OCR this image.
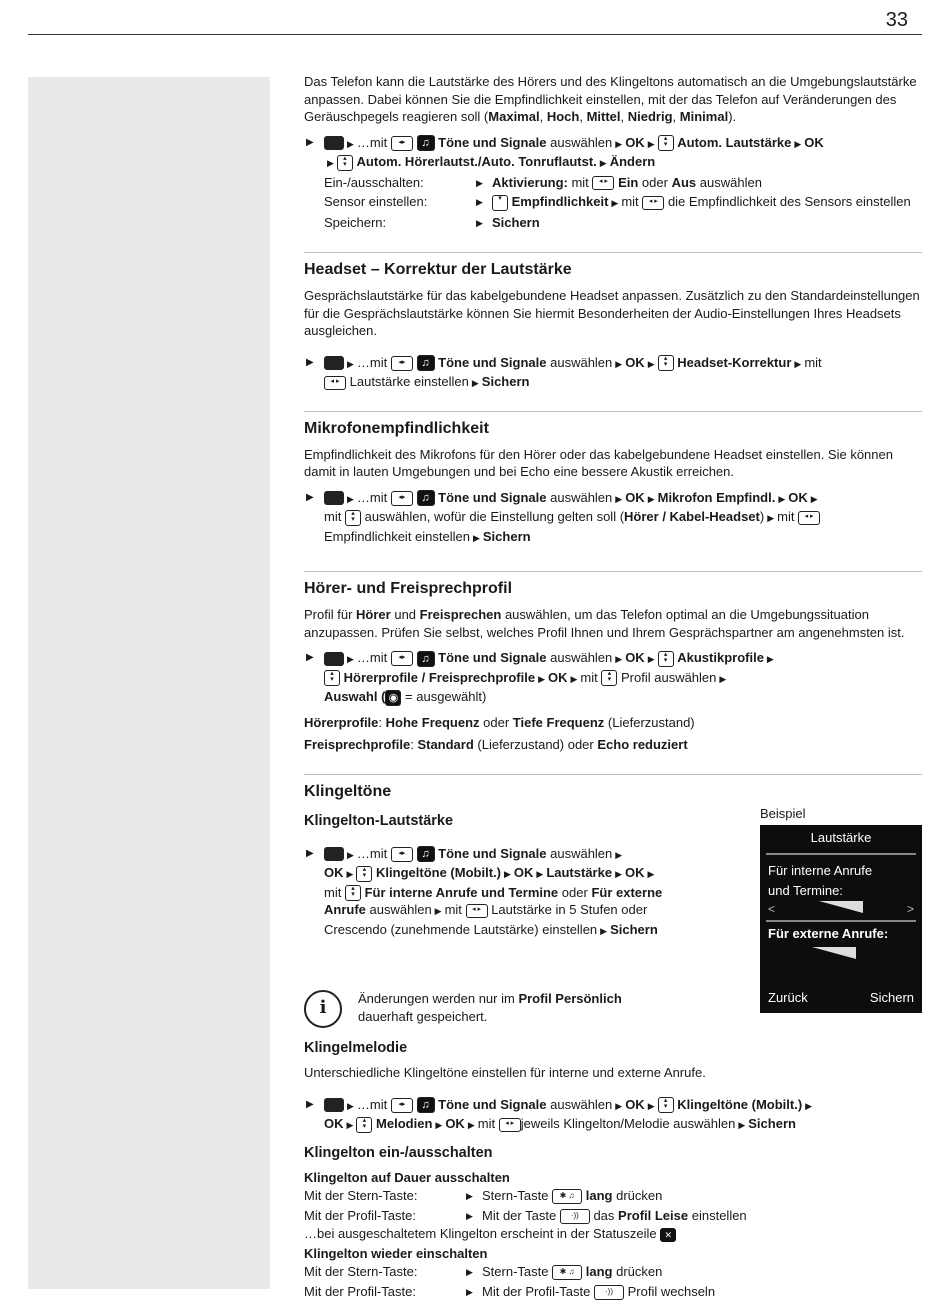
33

Das Telefon kann die Lautstärke des Hörers und des Klingeltons automatisch an die Umgebungslautstärke anpassen. Dabei können Sie die Empfindlichkeit einstellen, mit der das Telefon auf Veränderungen des Geräuschpegels reagieren soll (Maximal, Hoch, Mittel, Niedrig, Minimal).

▶	▶ …mit ◂▸ ♫ Töne und Signale auswählen ▶ OK ▶ ▴
▾ Autom. Lautstärke ▶ OK
▶ ▴
▾ Autom. Hörerlautst./Auto. Tonruflautst. ▶ Ändern
Ein-/ausschalten:	▶ Aktivierung: mit ◂ ▸ Ein oder Aus auswählen
Sensor einstellen:	▶	▾ Empfindlichkeit ▶ mit ◂ ▸ die Empfindlichkeit des Sensors einstellen
Speichern:	▶ Sichern
Headset – Korrektur der Lautstärke

Gesprächslautstärke für das kabelgebundene Headset anpassen. Zusätzlich zu den Standardeinstellungen für die Gesprächslautstärke können Sie hiermit Besonderheiten der Audio-Einstellungen Ihres Headsets ausgleichen.

▶	▶ …mit ◂▸ ♫ Töne und Signale auswählen ▶ OK ▶ ▴
▾ Headset-Korrektur ▶ mit
◂ ▸ Lautstärke einstellen ▶ Sichern
Mikrofonempfindlichkeit

Empfindlichkeit des Mikrofons für den Hörer oder das kabelgebundene Headset einstellen. Sie können damit in lauten Umgebungen und bei Echo eine bessere Akustik erreichen.

▶	▶ …mit ◂▸ ♫ Töne und Signale auswählen ▶ OK ▶ Mikrofon Empfindl. ▶ OK ▶
mit ▴
▾ auswählen, wofür die Einstellung gelten soll (Hörer / Kabel-Headset) ▶ mit ◂ ▸
Empfindlichkeit einstellen ▶ Sichern
Hörer- und Freisprechprofil

Profil für Hörer und Freisprechen auswählen, um das Telefon optimal an die Umgebungssituation anzupassen. Prüfen Sie selbst, welches Profil Ihnen und Ihrem Gesprächspartner am angenehmsten ist.

▶	▶ …mit ◂▸ ♫ Töne und Signale auswählen ▶ OK ▶ ▴
▾ Akustikprofile ▶
▴
▾ Hörerprofile / Freisprechprofile ▶ OK ▶ mit ▴
▾ Profil auswählen ▶
Auswahl ( ◉ = ausgewählt)

Hörerprofile: Hohe Frequenz oder Tiefe Frequenz (Lieferzustand)

Freisprechprofile: Standard (Lieferzustand) oder Echo reduziert

Klingeltöne
Klingelton-Lautstärke
▶	▶ …mit ◂▸ ♫ Töne und Signale auswählen ▶
OK ▶ ▴
▾ Klingeltöne (Mobilt.) ▶ OK ▶ Lautstärke ▶ OK ▶
mit ▴
▾ Für interne Anrufe und Termine oder Für externe Anrufe auswählen ▶ mit ◂ ▸ Lautstärke in 5 Stufen oder Crescendo (zunehmende Lautstärke) einstellen ▶ Sichern
i	Änderungen werden nur im Profil Persönlich dauerhaft gespeichert.

Klingelmelodie

Unterschiedliche Klingeltöne einstellen für interne und externe Anrufe.

▶	▶ …mit ◂▸ ♫ Töne und Signale auswählen ▶ OK ▶ ▴
▾ Klingeltöne (Mobilt.) ▶
OK ▶ ▴
▾ Melodien ▶ OK ▶ mit ◂ ▸ jeweils Klingelton/Melodie auswählen ▶ Sichern
Klingelton ein-/ausschalten
Klingelton auf Dauer ausschalten
Mit der Stern-Taste:	▶ Stern-Taste ✱ ♫ lang drücken
Mit der Profil-Taste:	▶ Mit der Taste ·)) das Profil Leise einstellen

…bei ausgeschaltetem Klingelton erscheint in der Statuszeile ✕

Klingelton wieder einschalten
Mit der Stern-Taste:	▶ Stern-Taste ✱ ♫ lang drücken
Mit der Profil-Taste:	▶ Mit der Profil-Taste ·)) Profil wechseln
Beispiel
Lautstärke
Für interne Anrufe
und Termine:
<	>
Für externe Anrufe:
Zurück	Sichern
